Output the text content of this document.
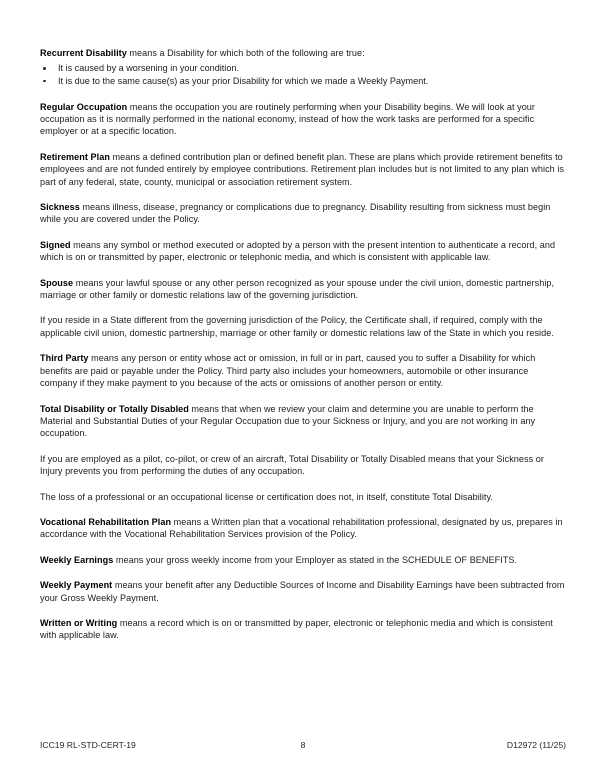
Recurrent Disability means a Disability for which both of the following are true:

It is caused by a worsening in your condition.
It is due to the same cause(s) as your prior Disability for which we made a Weekly Payment.

Regular Occupation means the occupation you are routinely performing when your Disability begins. We will look at your occupation as it is normally performed in the national economy, instead of how the work tasks are performed for a specific employer or at a specific location.

Retirement Plan means a defined contribution plan or defined benefit plan. These are plans which provide retirement benefits to employees and are not funded entirely by employee contributions. Retirement plan includes but is not limited to any plan which is part of any federal, state, county, municipal or association retirement system.

Sickness means illness, disease, pregnancy or complications due to pregnancy. Disability resulting from sickness must begin while you are covered under the Policy.

Signed means any symbol or method executed or adopted by a person with the present intention to authenticate a record, and which is on or transmitted by paper, electronic or telephonic media, and which is consistent with applicable law.

Spouse means your lawful spouse or any other person recognized as your spouse under the civil union, domestic partnership, marriage or other family or domestic relations law of the governing jurisdiction.

If you reside in a State different from the governing jurisdiction of the Policy, the Certificate shall, if required, comply with the applicable civil union, domestic partnership, marriage or other family or domestic relations law of the State in which you reside.

Third Party means any person or entity whose act or omission, in full or in part, caused you to suffer a Disability for which benefits are paid or payable under the Policy. Third party also includes your homeowners, automobile or other insurance company if they make payment to you because of the acts or omissions of another person or entity.

Total Disability or Totally Disabled means that when we review your claim and determine you are unable to perform the Material and Substantial Duties of your Regular Occupation due to your Sickness or Injury, and you are not working in any occupation.

If you are employed as a pilot, co-pilot, or crew of an aircraft, Total Disability or Totally Disabled means that your Sickness or Injury prevents you from performing the duties of any occupation.

The loss of a professional or an occupational license or certification does not, in itself, constitute Total Disability.

Vocational Rehabilitation Plan means a Written plan that a vocational rehabilitation professional, designated by us, prepares in accordance with the Vocational Rehabilitation Services provision of the Policy.

Weekly Earnings means your gross weekly income from your Employer as stated in the SCHEDULE OF BENEFITS.

Weekly Payment means your benefit after any Deductible Sources of Income and Disability Earnings have been subtracted from your Gross Weekly Payment.

Written or Writing means a record which is on or transmitted by paper, electronic or telephonic media and which is consistent with applicable law.

ICC19 RL-STD-CERT-19	8	D12972 (11/25)
